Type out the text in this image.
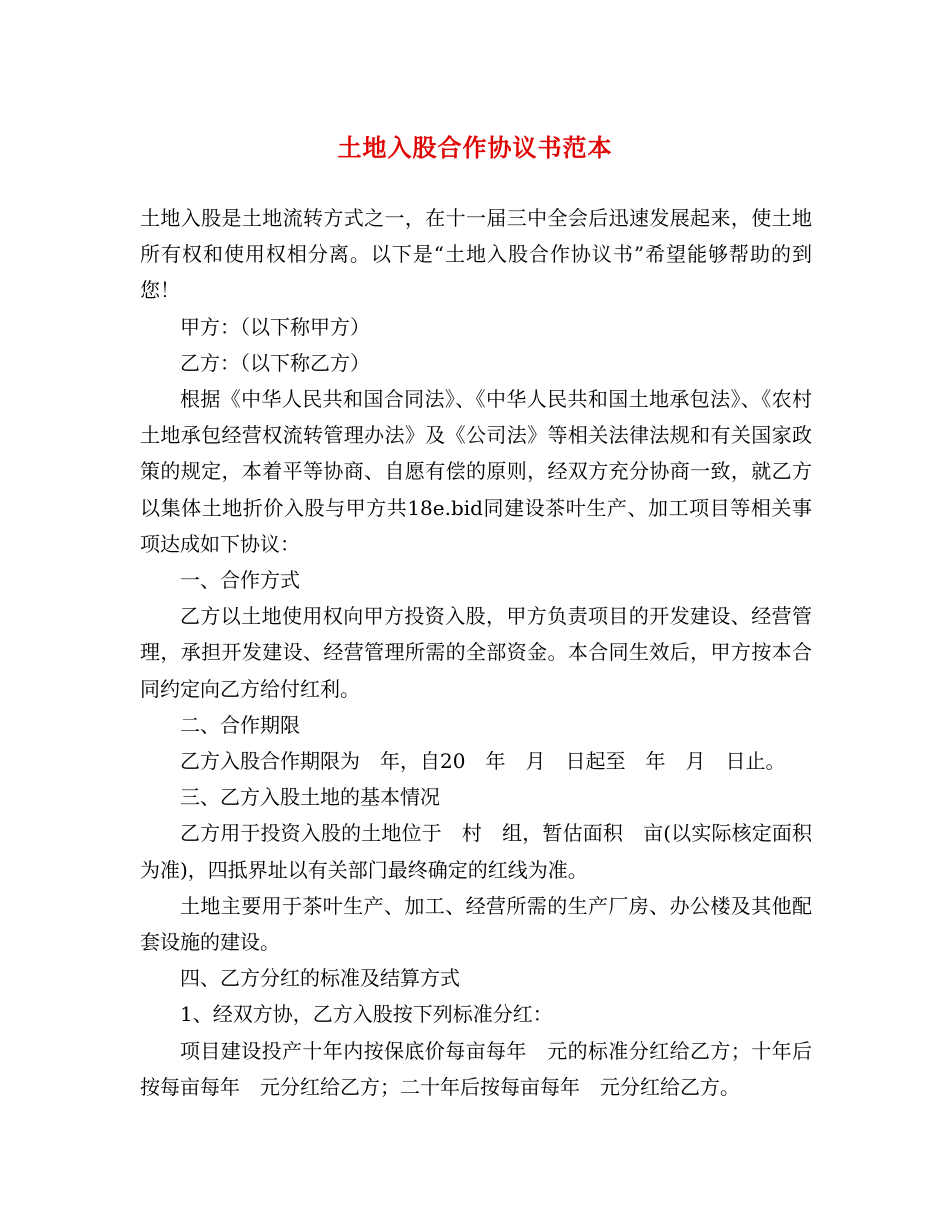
土地入股合作协议书范本

土地入股是土地流转方式之一，在十一届三中全会后迅速发展起来，使土地所有权和使用权相分离。以下是“土地入股合作协议书”希望能够帮助的到您！

甲方：（以下称甲方）

乙方：（以下称乙方）

根据《中华人民共和国合同法》、《中华人民共和国土地承包法》、《农村土地承包经营权流转管理办法》及《公司法》等相关法律法规和有关国家政策的规定，本着平等协商、自愿有偿的原则，经双方充分协商一致，就乙方以集体土地折价入股与甲方共18e.bid同建设茶叶生产、加工项目等相关事项达成如下协议：

一、合作方式

乙方以土地使用权向甲方投资入股，甲方负责项目的开发建设、经营管理，承担开发建设、经营管理所需的全部资金。本合同生效后，甲方按本合同约定向乙方给付红利。

二、合作期限

乙方入股合作期限为　年，自20　年　月　日起至　年　月　日止。

三、乙方入股土地的基本情况

乙方用于投资入股的土地位于　村　组，暂估面积　亩(以实际核定面积为准)，四抵界址以有关部门最终确定的红线为准。

土地主要用于茶叶生产、加工、经营所需的生产厂房、办公楼及其他配套设施的建设。

四、乙方分红的标准及结算方式

1、经双方协，乙方入股按下列标准分红：

项目建设投产十年内按保底价每亩每年　元的标准分红给乙方；十年后按每亩每年　元分红给乙方；二十年后按每亩每年　元分红给乙方。
